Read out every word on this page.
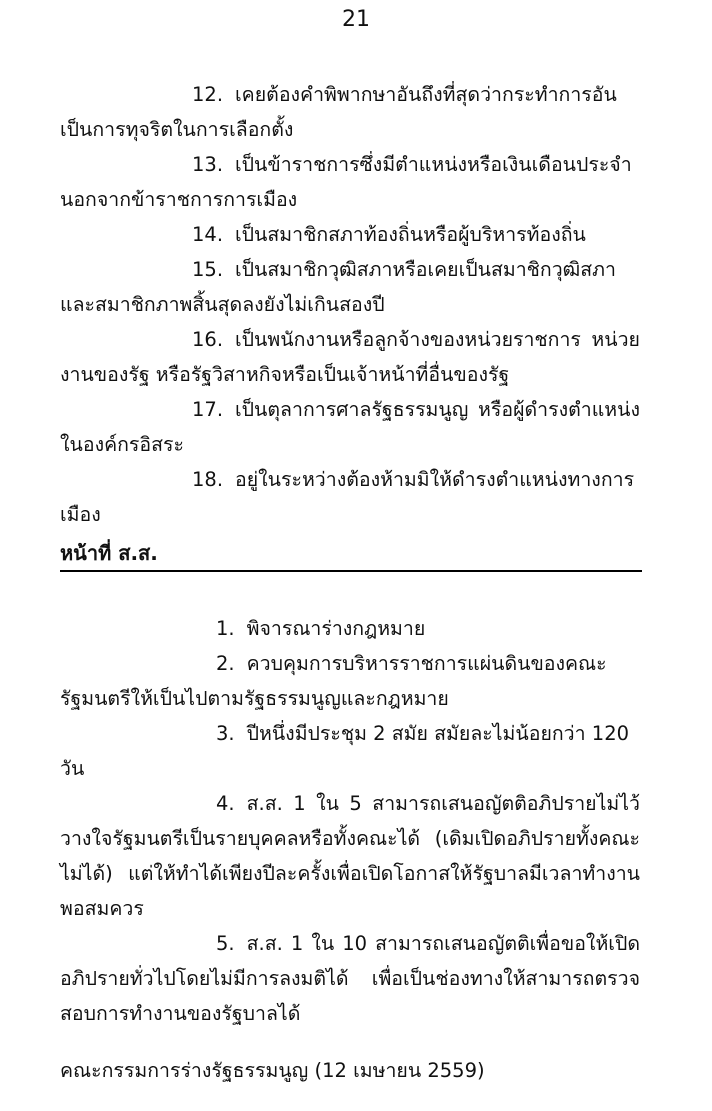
21

12. เคยต้องคำพิพากษาอันถึงที่สุดว่ากระทำการอันเป็นการทุจริตในการเลือกตั้ง

13. เป็นข้าราชการซึ่งมีตำแหน่งหรือเงินเดือนประจำนอกจากข้าราชการการเมือง

14. เป็นสมาชิกสภาท้องถิ่นหรือผู้บริหารท้องถิ่น

15. เป็นสมาชิกวุฒิสภาหรือเคยเป็นสมาชิกวุฒิสภาและสมาชิกภาพสิ้นสุดลงยังไม่เกินสองปี

16. เป็นพนักงานหรือลูกจ้างของหน่วยราชการ หน่วยงานของรัฐ หรือรัฐวิสาหกิจหรือเป็นเจ้าหน้าที่อื่นของรัฐ

17. เป็นตุลาการศาลรัฐธรรมนูญ หรือผู้ดำรงตำแหน่งในองค์กรอิสระ

18. อยู่ในระหว่างต้องห้ามมิให้ดำรงตำแหน่งทางการเมือง

หน้าที่ ส.ส.

1. พิจารณาร่างกฎหมาย

2. ควบคุมการบริหารราชการแผ่นดินของคณะรัฐมนตรีให้เป็นไปตามรัฐธรรมนูญและกฎหมาย

3. ปีหนึ่งมีประชุม 2 สมัย สมัยละไม่น้อยกว่า 120 วัน

4. ส.ส. 1 ใน 5 สามารถเสนอญัตติอภิปรายไม่ไว้วางใจรัฐมนตรีเป็นรายบุคคลหรือทั้งคณะได้ (เดิมเปิดอภิปรายทั้งคณะไม่ได้) แต่ให้ทำได้เพียงปีละครั้งเพื่อเปิดโอกาสให้รัฐบาลมีเวลาทำงานพอสมควร

5. ส.ส. 1 ใน 10 สามารถเสนอญัตติเพื่อขอให้เปิดอภิปรายทั่วไปโดยไม่มีการลงมติได้ เพื่อเป็นช่องทางให้สามารถตรวจสอบการทำงานของรัฐบาลได้

คณะกรรมการร่างรัฐธรรมนูญ (12 เมษายน 2559)
